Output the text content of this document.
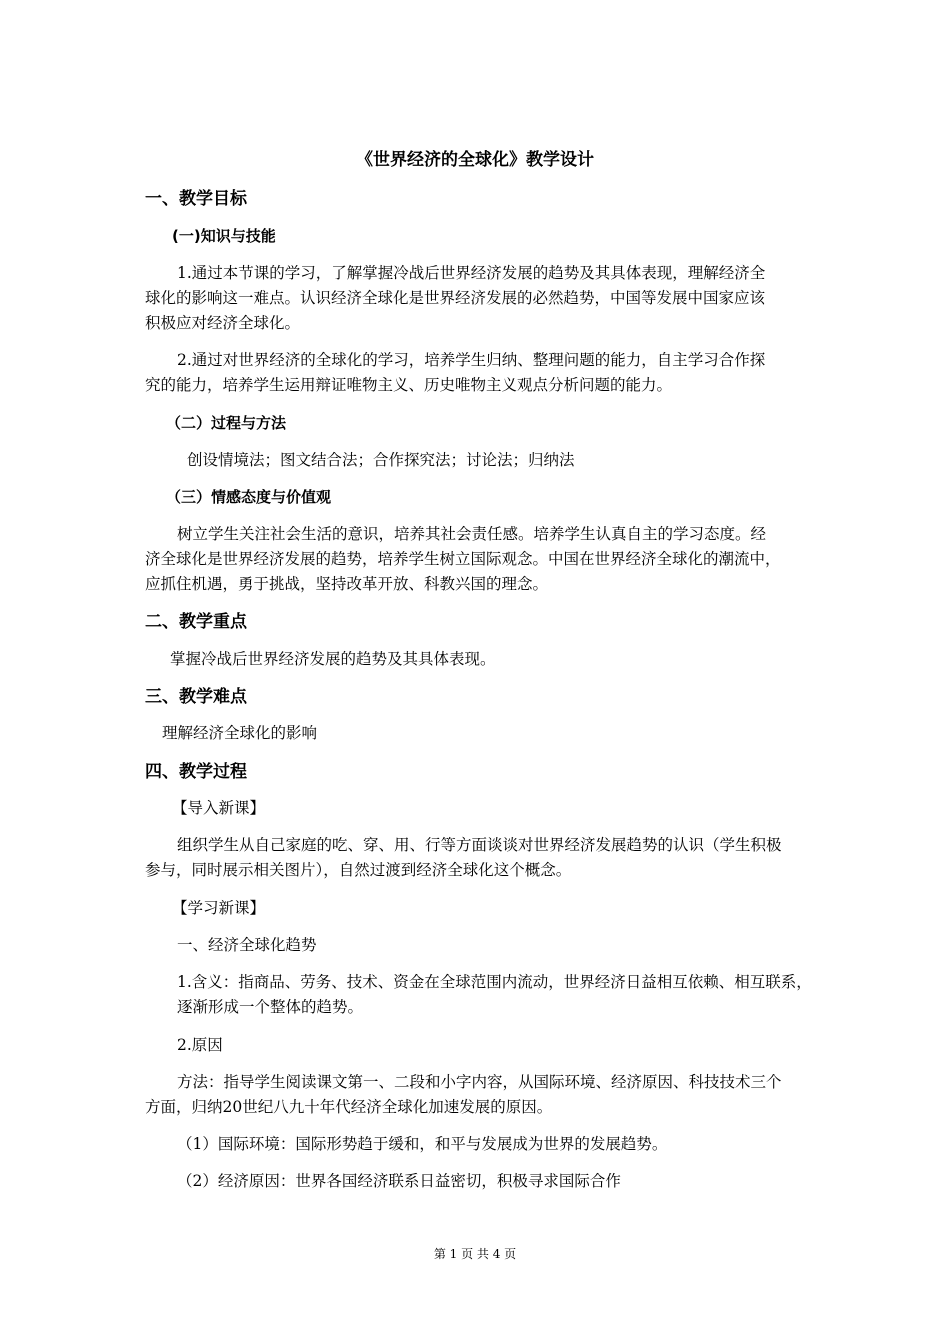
《世界经济的全球化》教学设计
一、教学目标
(一)知识与技能
1.通过本节课的学习，了解掌握冷战后世界经济发展的趋势及其具体表现，理解经济全
球化的影响这一难点。认识经济全球化是世界经济发展的必然趋势，中国等发展中国家应该
积极应对经济全球化。
2.通过对世界经济的全球化的学习，培养学生归纳、整理问题的能力，自主学习合作探
究的能力，培养学生运用辩证唯物主义、历史唯物主义观点分析问题的能力。
（二）过程与方法
创设情境法；图文结合法；合作探究法；讨论法；归纳法
（三）情感态度与价值观
树立学生关注社会生活的意识，培养其社会责任感。培养学生认真自主的学习态度。经
济全球化是世界经济发展的趋势，培养学生树立国际观念。中国在世界经济全球化的潮流中，
应抓住机遇，勇于挑战，坚持改革开放、科教兴国的理念。
二、教学重点
掌握冷战后世界经济发展的趋势及其具体表现。
三、教学难点
理解经济全球化的影响
四、教学过程
【导入新课】
组织学生从自己家庭的吃、穿、用、行等方面谈谈对世界经济发展趋势的认识（学生积极
参与，同时展示相关图片），自然过渡到经济全球化这个概念。
【学习新课】
一、经济全球化趋势
1.含义：指商品、劳务、技术、资金在全球范围内流动，世界经济日益相互依赖、相互联系，
逐渐形成一个整体的趋势。
2.原因
方法：指导学生阅读课文第一、二段和小字内容，从国际环境、经济原因、科技技术三个
方面，归纳20世纪八九十年代经济全球化加速发展的原因。
（1）国际环境：国际形势趋于缓和，和平与发展成为世界的发展趋势。
（2）经济原因：世界各国经济联系日益密切，积极寻求国际合作
第 1 页 共 4 页
